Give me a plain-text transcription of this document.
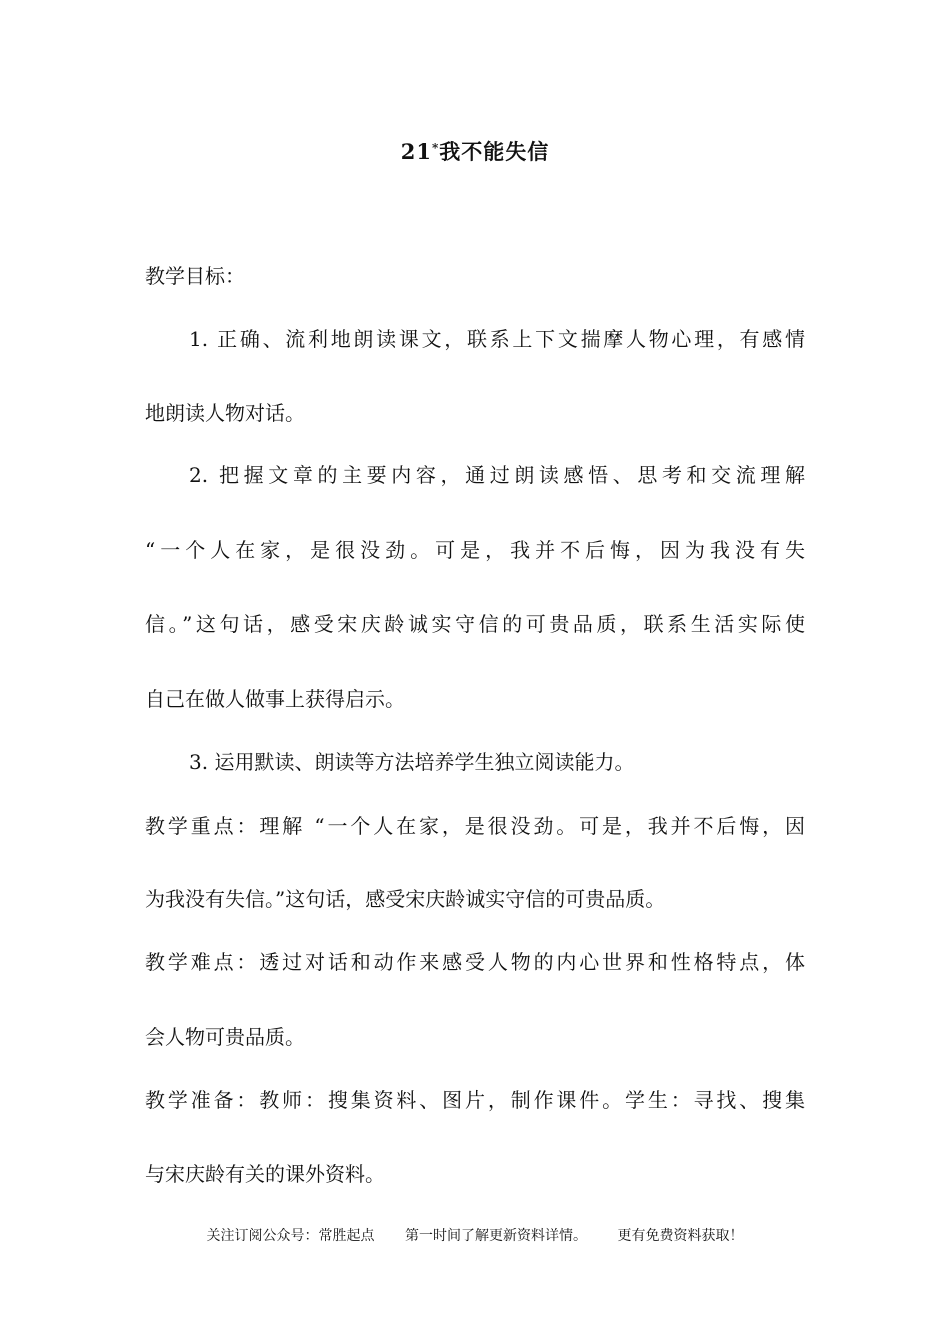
21*我不能失信
教学目标：
1. 正确、流利地朗读课文，联系上下文揣摩人物心理，有感情
地朗读人物对话。
2. 把握文章的主要内容，通过朗读感悟、思考和交流理解
“一个人在家，是很没劲。可是，我并不后悔，因为我没有失
信。”这句话，感受宋庆龄诚实守信的可贵品质，联系生活实际使
自己在做人做事上获得启示。
3. 运用默读、朗读等方法培养学生独立阅读能力。
教学重点：理解 “一个人在家，是很没劲。可是，我并不后悔，因
为我没有失信。”这句话，感受宋庆龄诚实守信的可贵品质。
教学难点：透过对话和动作来感受人物的内心世界和性格特点，体
会人物可贵品质。
教学准备：教师：搜集资料、图片，制作课件。学生：寻找、搜集
与宋庆龄有关的课外资料。
关注订阅公众号：常胜起点 第一时间了解更新资料详情。 更有免费资料获取！
